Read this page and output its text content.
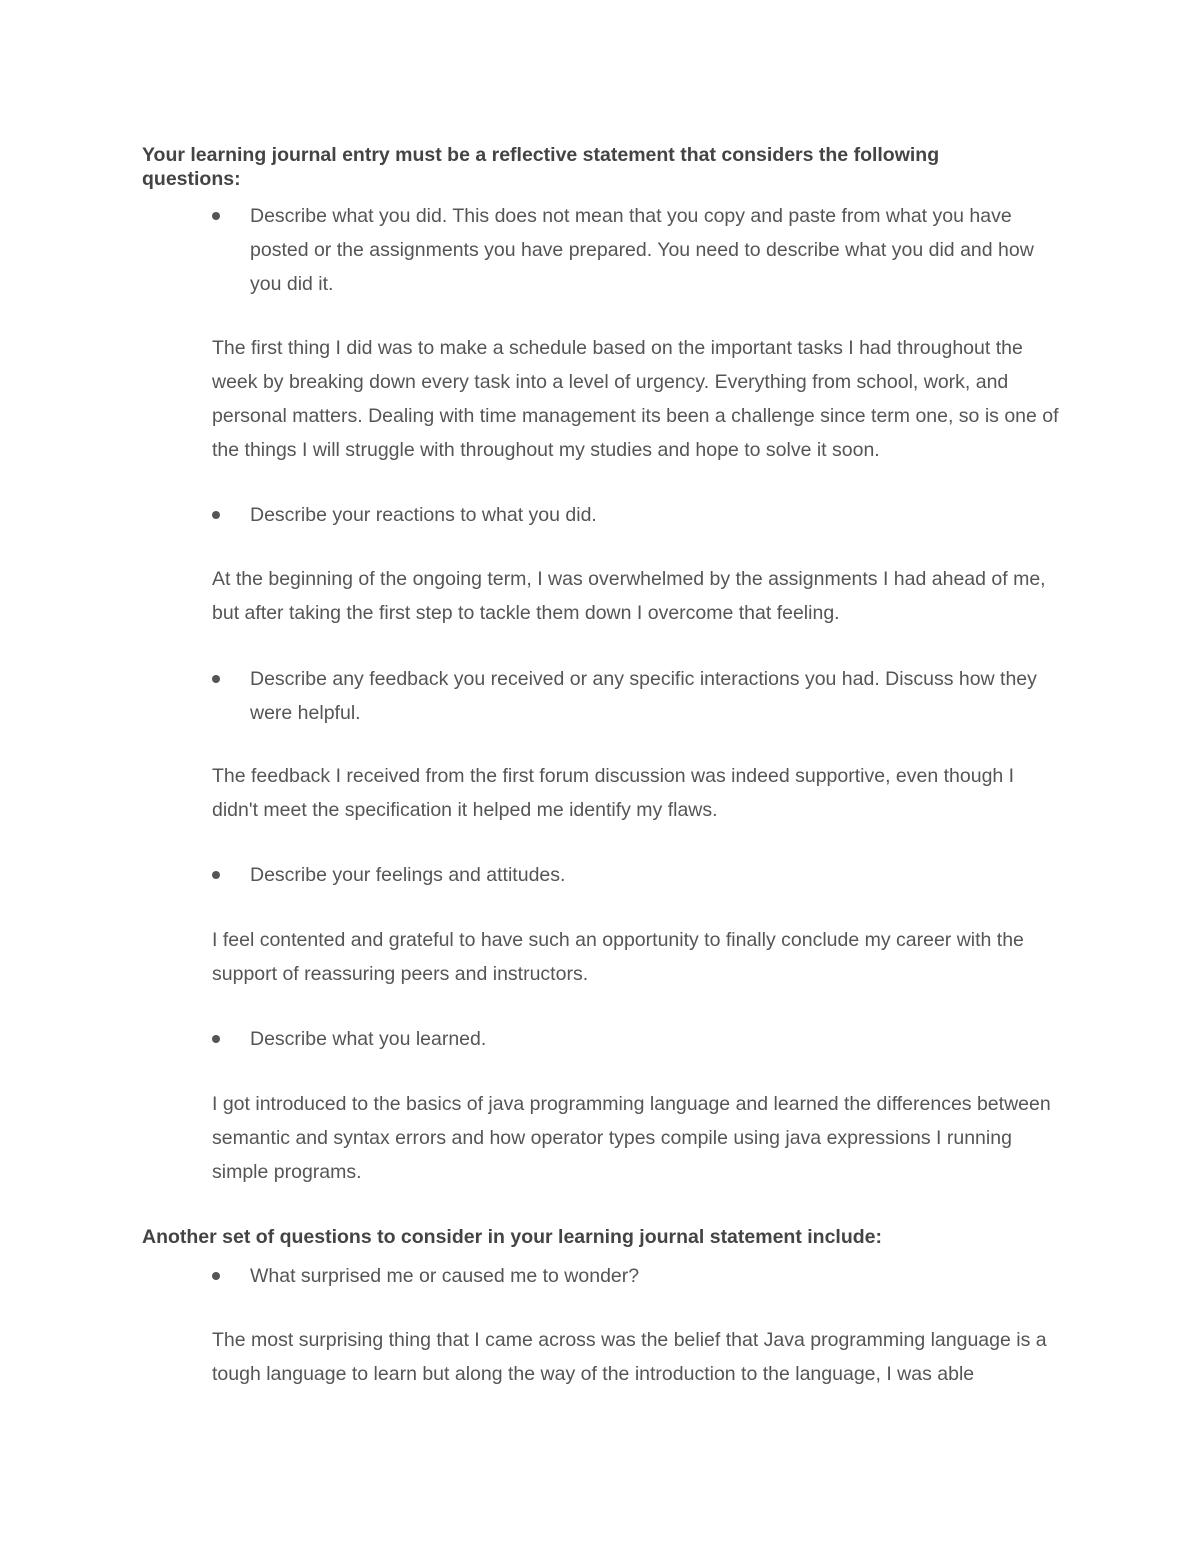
Your learning journal entry must be a reflective statement that considers the following questions:

Describe what you did. This does not mean that you copy and paste from what you have posted or the assignments you have prepared. You need to describe what you did and how you did it.

The first thing I did was to make a schedule based on the important tasks I had throughout the week by breaking down every task into a level of urgency. Everything from school, work, and personal matters. Dealing with time management its been a challenge since term one, so is one of the things I will struggle with throughout my studies and hope to solve it soon.

Describe your reactions to what you did.

At the beginning of the ongoing term, I was overwhelmed by the assignments I had ahead of me, but after taking the first step to tackle them down I overcome that feeling.

Describe any feedback you received or any specific interactions you had. Discuss how they were helpful.

The feedback I received from the first forum discussion was indeed supportive, even though I didn't meet the specification it helped me identify my flaws.

Describe your feelings and attitudes.

I feel contented and grateful to have such an opportunity to finally conclude my career with the support of reassuring peers and instructors.

Describe what you learned.

I got introduced to the basics of java programming language and learned the differences between semantic and syntax errors and how operator types compile using java expressions I running simple programs.

Another set of questions to consider in your learning journal statement include:

What surprised me or caused me to wonder?

The most surprising thing that I came across was the belief that Java programming language is a tough language to learn but along the way of the introduction to the language, I was able
